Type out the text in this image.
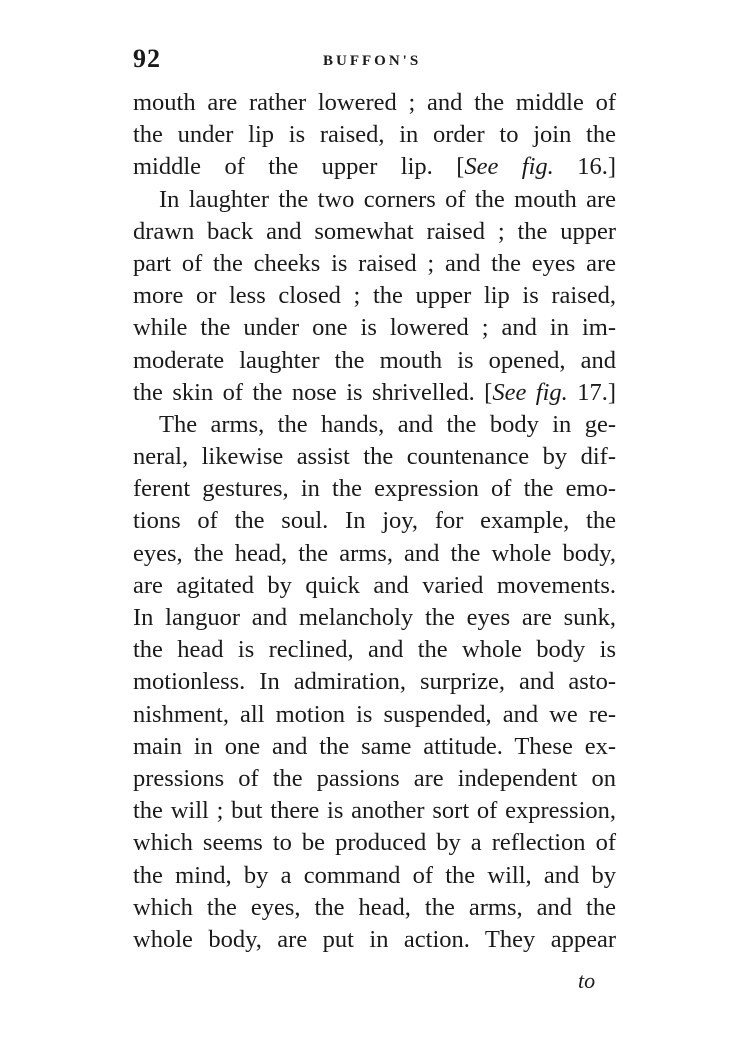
92	BUFFON'S
mouth are rather lowered ; and the middle of
the under lip is raised, in order to join the
middle of the upper lip. [See fig. 16.]
In laughter the two corners of the mouth are
drawn back and somewhat raised ; the upper
part of the cheeks is raised ; and the eyes are
more or less closed ; the upper lip is raised,
while the under one is lowered ; and in im-
moderate laughter the mouth is opened, and
the skin of the nose is shrivelled. [See fig. 17.]
The arms, the hands, and the body in ge-
neral, likewise assist the countenance by dif-
ferent gestures, in the expression of the emo-
tions of the soul. In joy, for example, the
eyes, the head, the arms, and the whole body,
are agitated by quick and varied movements.
In languor and melancholy the eyes are sunk,
the head is reclined, and the whole body is
motionless. In admiration, surprize, and asto-
nishment, all motion is suspended, and we re-
main in one and the same attitude. These ex-
pressions of the passions are independent on
the will ; but there is another sort of expression,
which seems to be produced by a reflection of
the mind, by a command of the will, and by
which the eyes, the head, the arms, and the
whole body, are put in action. They appear
to
